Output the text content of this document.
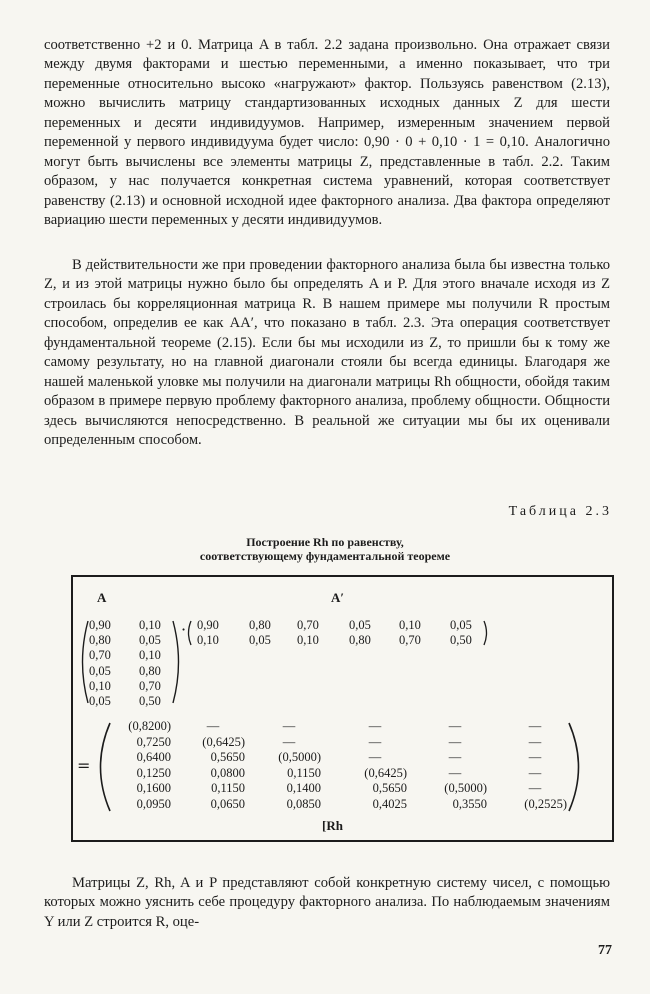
соответственно +2 и 0. Матрица A в табл. 2.2 задана произвольно. Она отражает связи между двумя факторами и шестью переменными, а именно показывает, что три переменные относительно высоко «нагружают» фактор. Пользуясь равенством (2.13), можно вычислить матрицу стандартизованных исходных данных Z для шести переменных и десяти индивидуумов. Например, измеренным значением первой переменной у первого индивидуума будет число: 0,90 · 0 + 0,10 · 1 = 0,10. Аналогично могут быть вычислены все элементы матрицы Z, представленные в табл. 2.2. Таким образом, у нас получается конкретная система уравнений, которая соответствует равенству (2.13) и основной исходной идее факторного анализа. Два фактора определяют вариацию шести переменных у десяти индивидуумов.

В действительности же при проведении факторного анализа была бы известна только Z, и из этой матрицы нужно было бы определять A и P. Для этого вначале исходя из Z строилась бы корреляционная матрица R. В нашем примере мы получили R простым способом, определив ее как AA′, что показано в табл. 2.3. Эта операция соответствует фундаментальной теореме (2.15). Если бы мы исходили из Z, то пришли бы к тому же самому результату, но на главной диагонали стояли бы всегда единицы. Благодаря же нашей маленькой уловке мы получили на диагонали матрицы Rh общности, обойдя таким образом в примере первую проблему факторного анализа, проблему общности. Общности здесь вычисляются непосредственно. В реальной же ситуации мы бы их оценивали определенным способом.

Таблица 2.3
Построение Rh по равенству,
соответствующему фундаментальной теореме
A	A′
·
=
0,90 0,10
0,80 0,05
0,70 0,10
0,05 0,80
0,10 0,70
0,05 0,50
0,90 0,80 0,70 0,05 0,10 0,05
0,10 0,05 0,10 0,80 0,70 0,50
(0,8200)	—	—	—	—	—
0,7250	(0,6425)	—	—	—	—
0,6400	0,5650	(0,5000)	—	—	—
0,1250	0,0800	0,1150	(0,6425)	—	—
0,1600	0,1150	0,1400	0,5650	(0,5000)	—
0,0950	0,0650	0,0850	0,4025	0,3550	(0,2525)
[Rh

Матрицы Z, Rh, A и P представляют собой конкретную систему чисел, с помощью которых можно уяснить себе процедуру факторного анализа. По наблюдаемым значениям Y или Z строится R, оце-

77
